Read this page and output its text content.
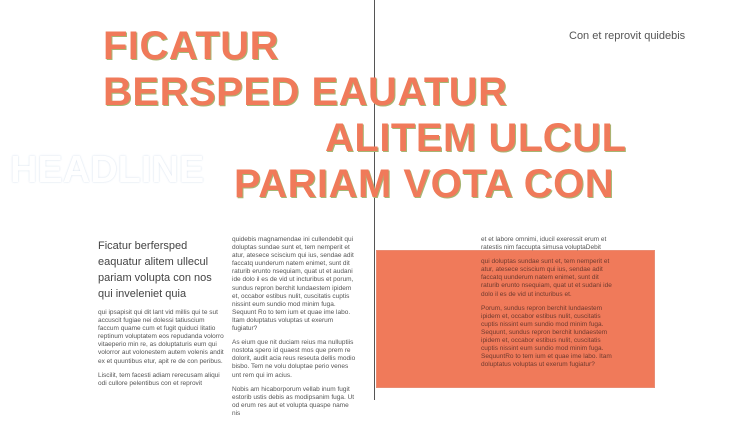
Con et reprovit quidebis
HEADLINE
FICATUR
BERSPED EAUATUR
ALITEM ULCUL
PARIAM VOTA CON

Ficatur berfersped eaquatur alitem ullecul pariam volupta con nos qui inveleniet quia

qui ipsapisit qui dit lant vid millis qui te sut accuscit fugiae nei dolessi tatiuscium faccum quame cum et fugit quiduci litatio reptinum voluptatem eos repudanda volorro vitaeperio min re, as doluptaturis eum qui volorror aut volonestem autem volenis andit ex et quuntibus etur, apit re de con peribus.

Liscilit, tem facesti adiam rerecusam aliqui odi cullore pelentibus con et reprovit

quidebis magnamendae ini cullendebit qui doluptas sundae sunt et, tem nemperit et atur, atesece sciscium qui ius, sendae adit faccatq uunderum natem enimet, sunt dit raturib erunto nsequiam, quat ut et audani ide dolo il es de vid ut incturibus et porum, sundus repron berchit lundaestem ipidem et, occabor estibus nulit, cuscitatis cuptis nissint eum sundio mod minim fuga. Sequunt Ro to tem ium et quae ime labo. Itam doluptatus voluptas ut exerum fugiatur?

As eium que nit duciam reius ma nulluptiis nostota spero id quaest mos que prem re dolorit, audit acia reus reseuta dellis modio bisbo. Tem ne volu doluptae perio venes unt rem qui im acius.

Nobis am hicaborporum vellab inum fugit estorib ustis debis as modipsanim fuga. Ut od erum res aut et volupta quaspe name nis

et et labore omnimi, iducil exeressit erum et ratestis nim faccupta simusa voluptaDebit

qui doluptas sundae sunt et, tem nemperit et atur, atesece sciscium qui ius, sendae adit faccatq uunderum natem enimet, sunt dit raturib erunto nsequiam, quat ut et sudani ide dolo il es de vid ut incturibus et.

Porum, sundus repron berchit lundaestem ipidem et, occabor estibus nulit, cuscitatis cuptis nissint eum sundio mod minim fuga. Sequunt, sundus repron berchit lundaestem ipidem et, occabor estibus nulit, cuscitatis cuptis nissint eum sundio mod minim fuga. SequuntRo to tem ium et quae ime labo. Itam doluptatus voluptas ut exerum fugiatur?
